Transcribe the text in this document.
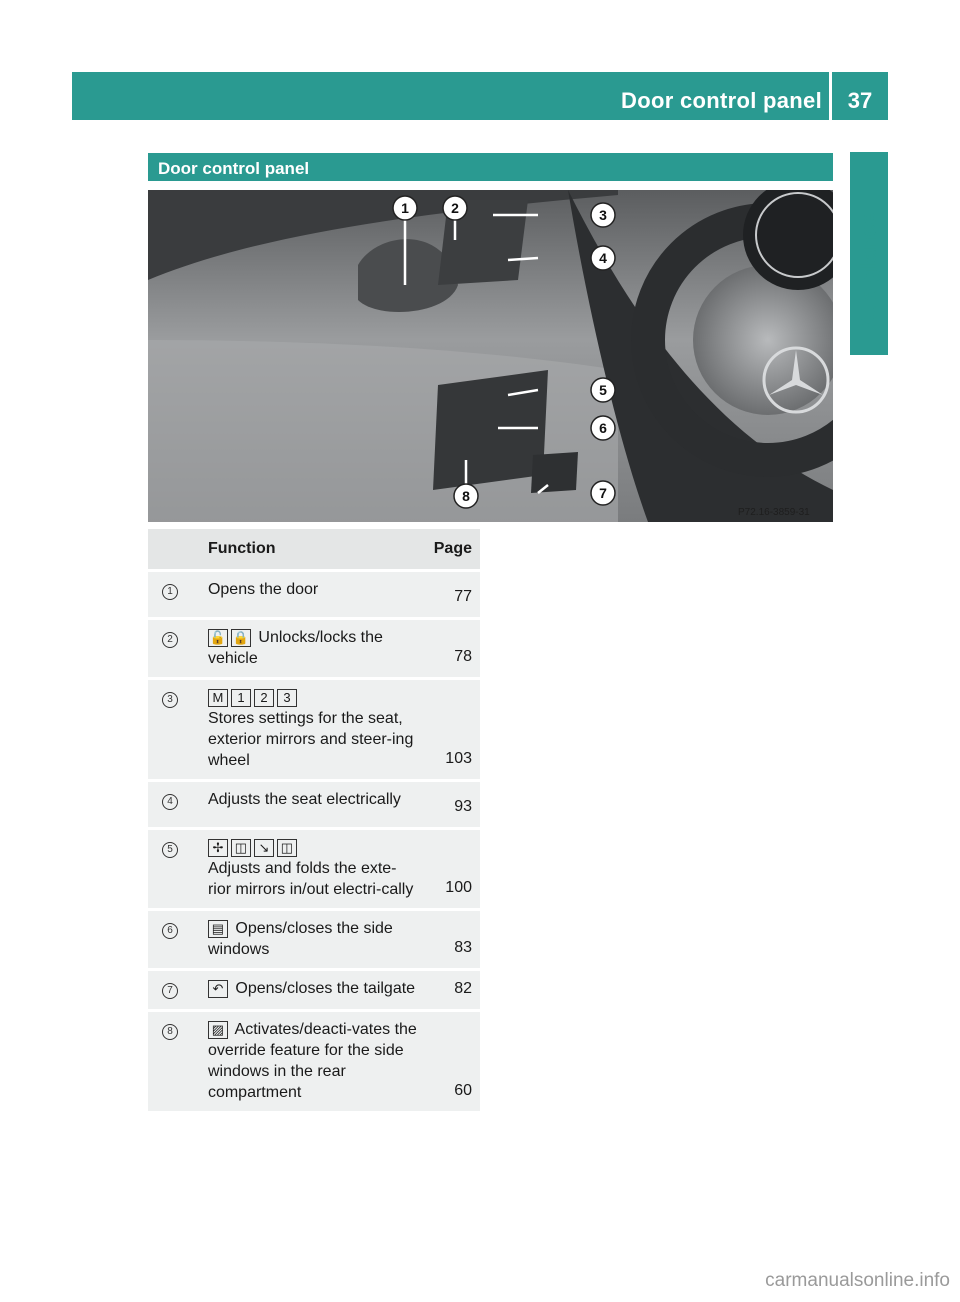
Door control panel	37
At a glance
Door control panel
P72.16-3859-31
1	2	3
4
5
6
7
8
	Function	Page
1	Opens the door	77
2	🔓 🔒 Unlocks/locks the vehicle	78
3	M 1 2 3
Stores settings for the seat, exterior mirrors and steer-ing wheel	103
4	Adjusts the seat electrically	93
5	✢ ◫ ↘ ◫
Adjusts and folds the exte-rior mirrors in/out electri-cally	100
6	▤ Opens/closes the side windows	83
7	↶ Opens/closes the tailgate	82
8	▨ Activates/deacti-vates the override feature for the side windows in the rear compartment	60
carmanualsonline.info
